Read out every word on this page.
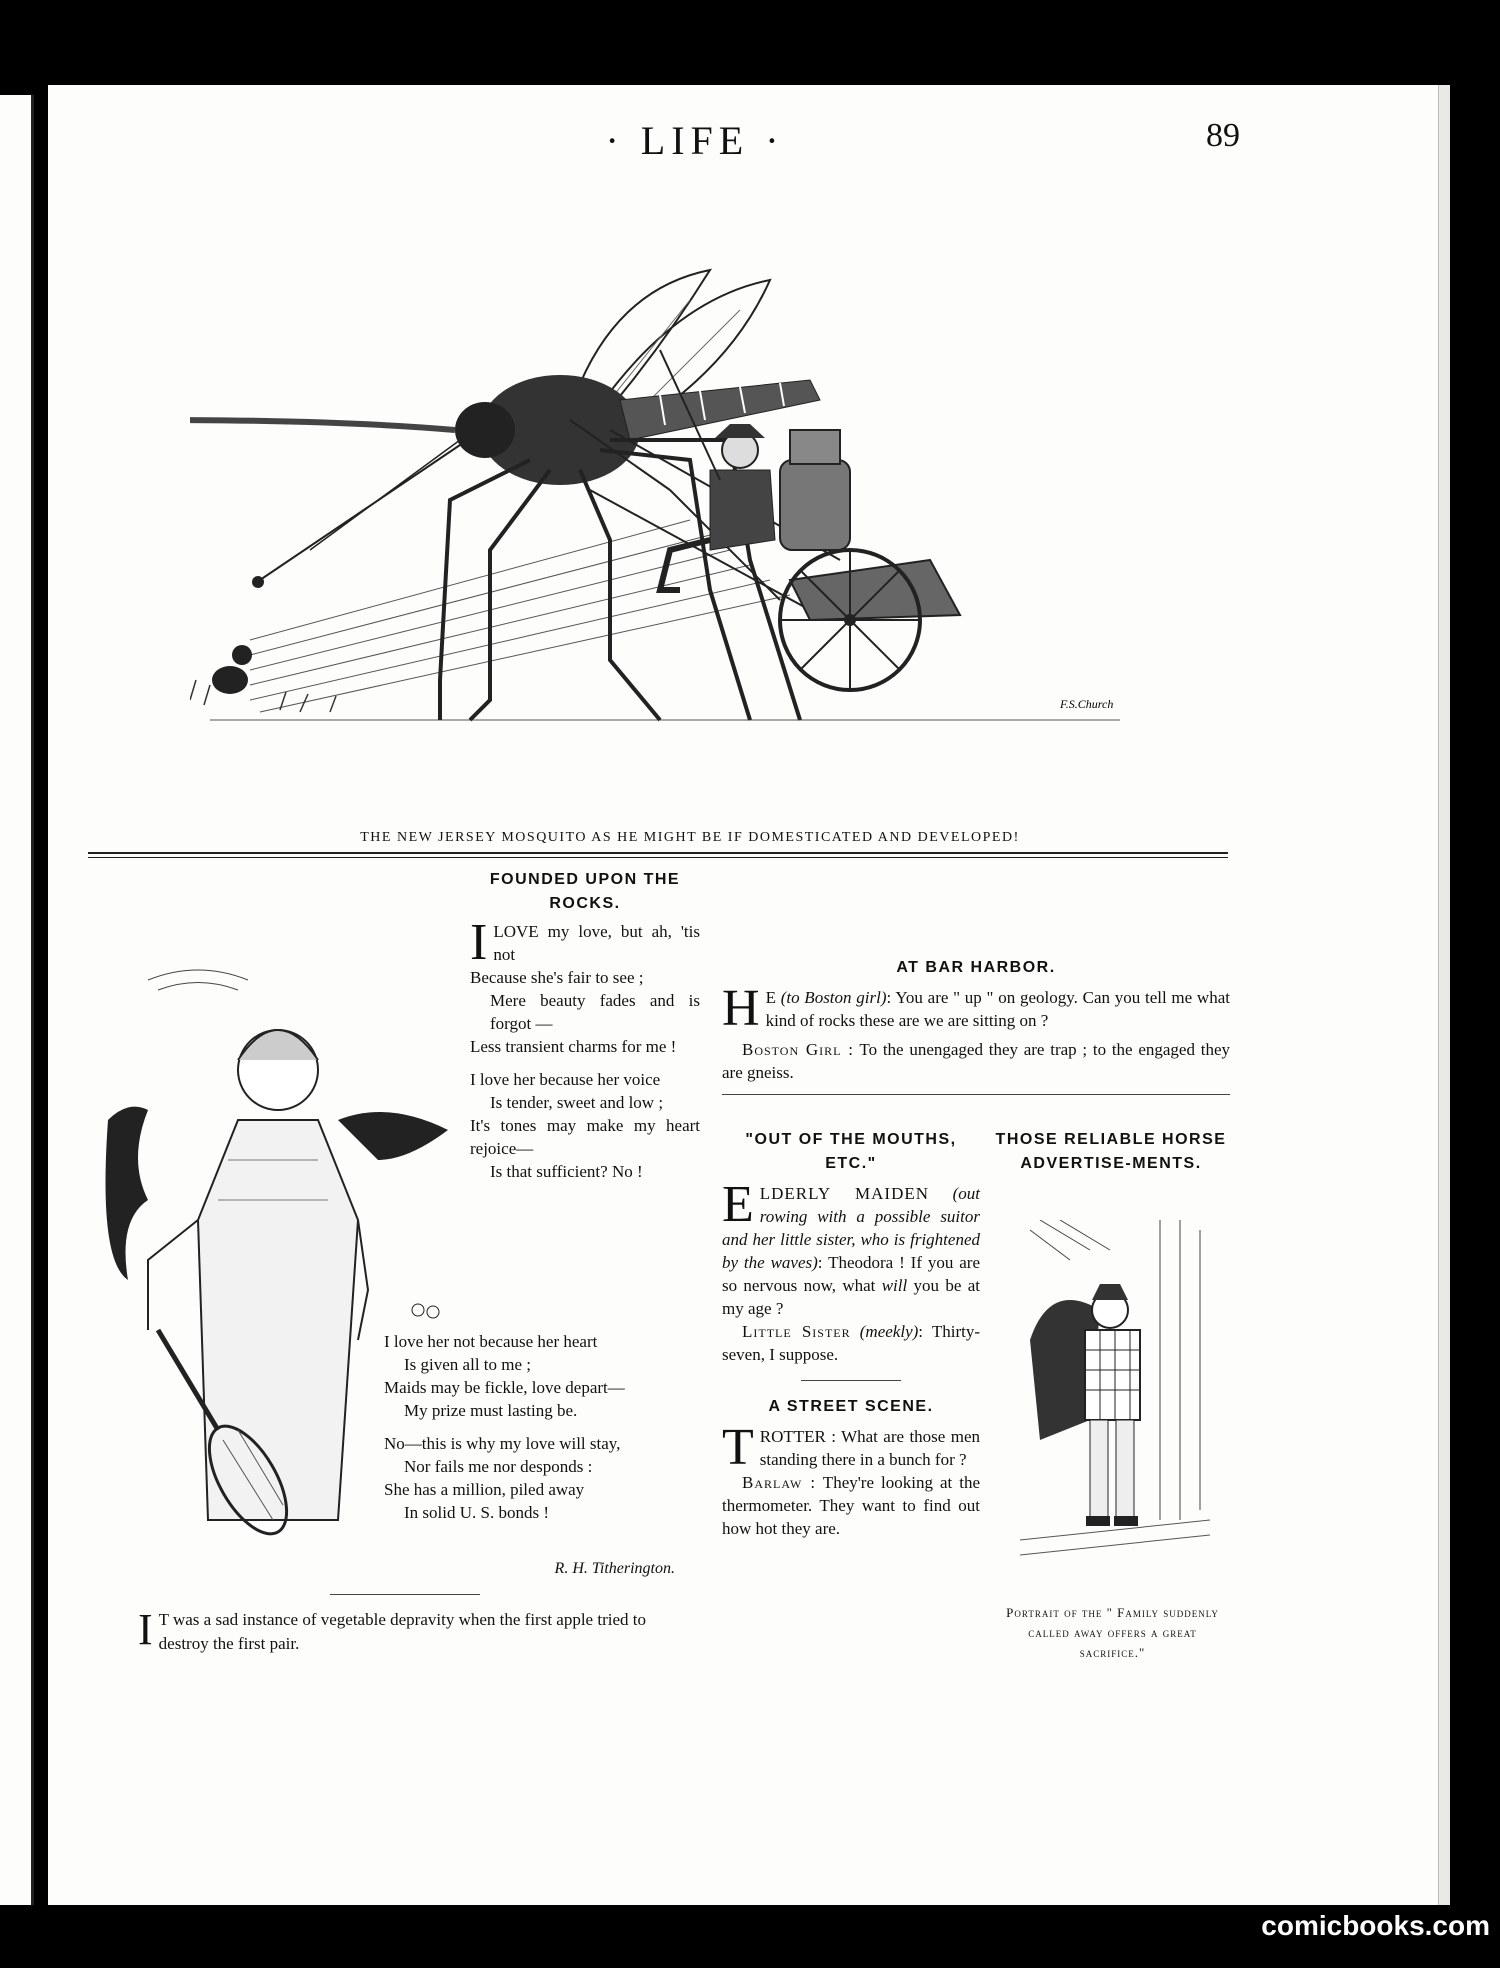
· LIFE ·	89
F.S.Church
THE NEW JERSEY MOSQUITO AS HE MIGHT BE IF DOMESTICATED AND DEVELOPED!
FOUNDED UPON THE ROCKS.
I LOVE my love, but ah, 'tis not
Because she's fair to see ;
Mere beauty fades and is forgot —
Less transient charms for me !
I love her because her voice
Is tender, sweet and low ;
It's tones may make my heart rejoice—
Is that sufficient? No !
I love her not because her heart
Is given all to me ;
Maids may be fickle, love depart—
My prize must lasting be.
No—this is why my love will stay,
Nor fails me nor desponds :
She has a million, piled away
In solid U. S. bonds !
R. H. Titherington.
I T was a sad instance of vegetable depravity when the first apple tried to destroy the first pair.
AT BAR HARBOR.
H E (to Boston girl): You are " up " on geology. Can you tell me what kind of rocks these are we are sitting on ?
Boston Girl : To the unengaged they are trap ; to the engaged they are gneiss.
"OUT OF THE MOUTHS, ETC."
ELDERLY MAIDEN (out rowing with a possible suitor and her little sister, who is frightened by the waves): Theodora ! If you are so nervous now, what will you be at my age ?
Little Sister (meekly): Thirty-seven, I suppose.
A STREET SCENE.
TROTTER : What are those men standing there in a bunch for ?
Barlaw : They're looking at the thermometer. They want to find out how hot they are.
THOSE RELIABLE HORSE ADVERTISE-MENTS.
Portrait of the " Family suddenly called away offers a great sacrifice."
comicbooks.com
